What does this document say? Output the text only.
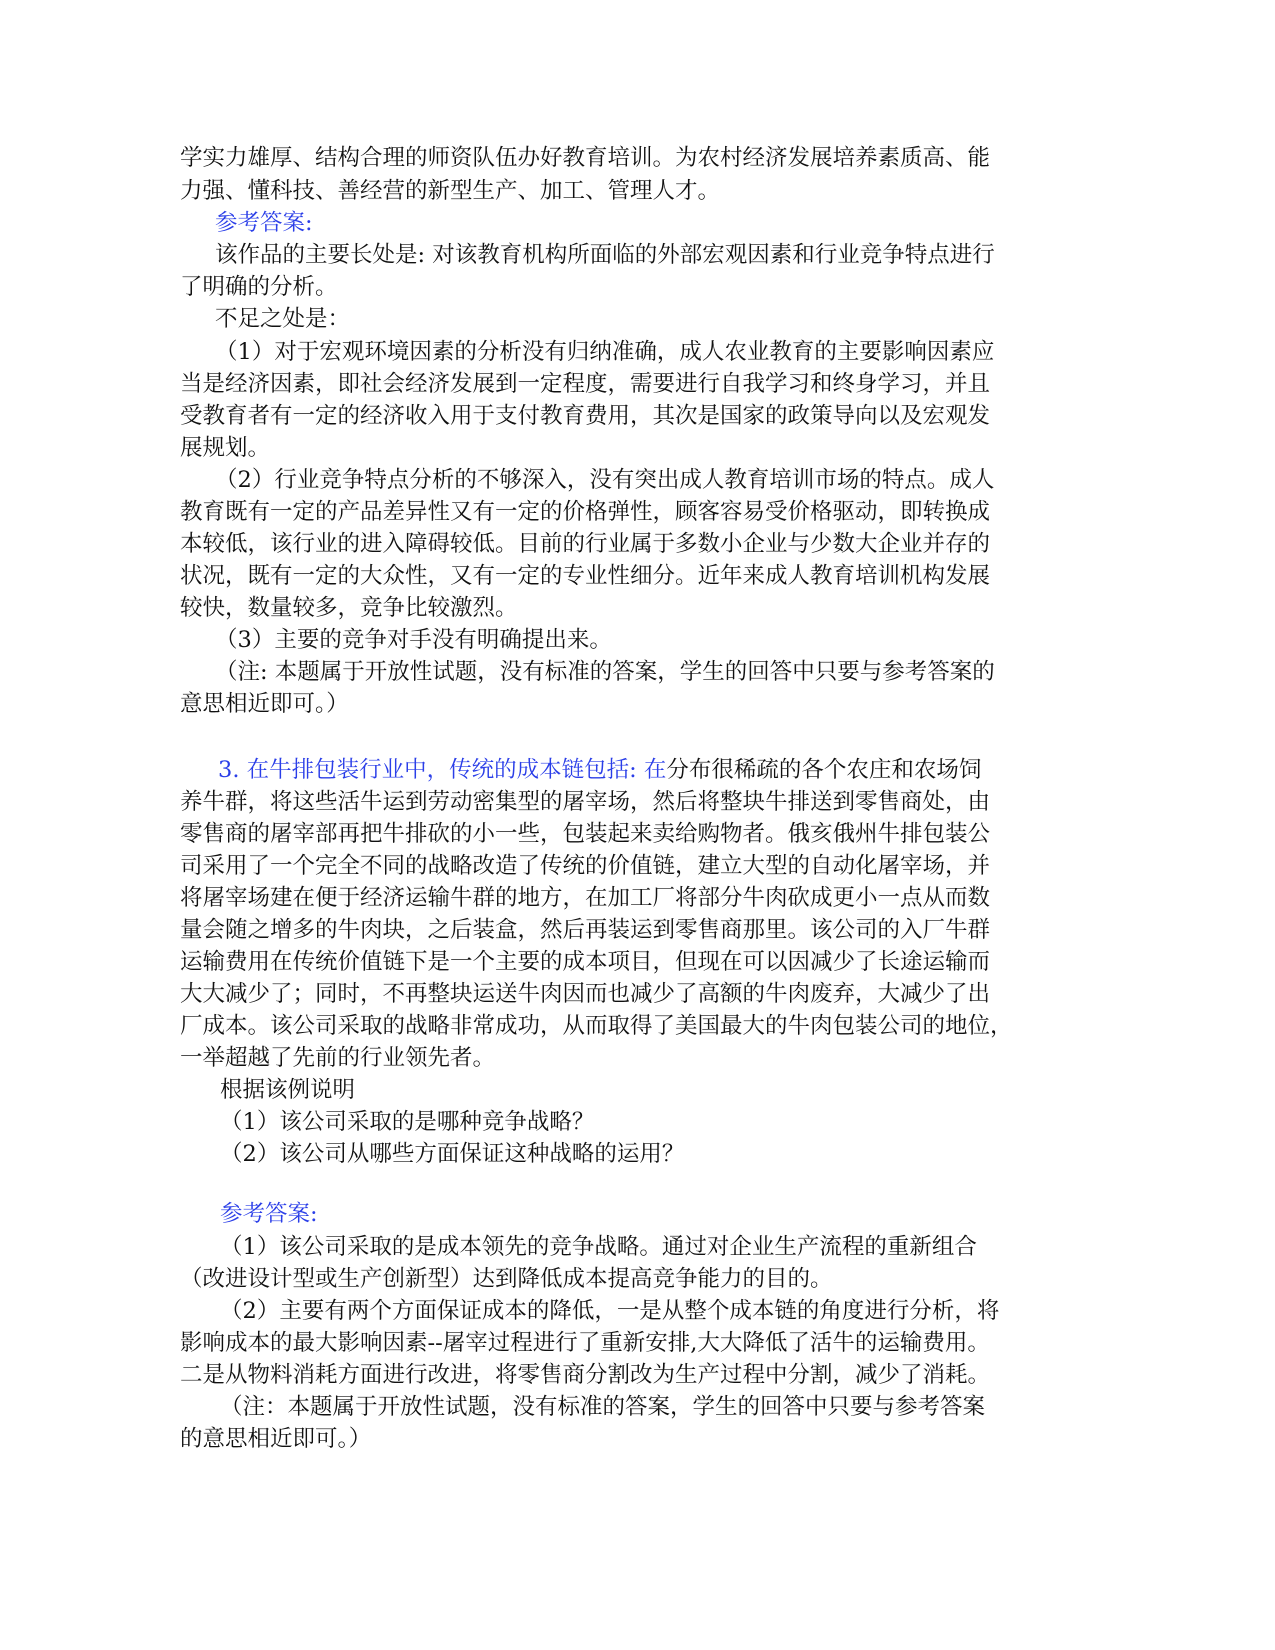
学实力雄厚、结构合理的师资队伍办好教育培训。为农村经济发展培养素质高、能
力强、懂科技、善经营的新型生产、加工、管理人才。
参考答案:
该作品的主要长处是: 对该教育机构所面临的外部宏观因素和行业竞争特点进行
了明确的分析。
不足之处是：
（1）对于宏观环境因素的分析没有归纳准确，成人农业教育的主要影响因素应
当是经济因素，即社会经济发展到一定程度，需要进行自我学习和终身学习，并且
受教育者有一定的经济收入用于支付教育费用，其次是国家的政策导向以及宏观发
展规划。
（2）行业竞争特点分析的不够深入，没有突出成人教育培训市场的特点。成人
教育既有一定的产品差异性又有一定的价格弹性，顾客容易受价格驱动，即转换成
本较低，该行业的进入障碍较低。目前的行业属于多数小企业与少数大企业并存的
状况，既有一定的大众性，又有一定的专业性细分。近年来成人教育培训机构发展
较快，数量较多，竞争比较激烈。
（3）主要的竞争对手没有明确提出来。
（注: 本题属于开放性试题，没有标准的答案，学生的回答中只要与参考答案的
意思相近即可。）
3. 在牛排包装行业中，传统的成本链包括: 在分布很稀疏的各个农庄和农场饲
养牛群，将这些活牛运到劳动密集型的屠宰场，然后将整块牛排送到零售商处，由
零售商的屠宰部再把牛排砍的小一些，包装起来卖给购物者。俄亥俄州牛排包装公
司采用了一个完全不同的战略改造了传统的价值链，建立大型的自动化屠宰场，并
将屠宰场建在便于经济运输牛群的地方，在加工厂将部分牛肉砍成更小一点从而数
量会随之增多的牛肉块，之后装盒，然后再装运到零售商那里。该公司的入厂牛群
运输费用在传统价值链下是一个主要的成本项目，但现在可以因减少了长途运输而
大大减少了；同时，不再整块运送牛肉因而也减少了高额的牛肉废弃，大减少了出
厂成本。该公司采取的战略非常成功，从而取得了美国最大的牛肉包装公司的地位，
一举超越了先前的行业领先者。
根据该例说明
（1）该公司采取的是哪种竞争战略？
（2）该公司从哪些方面保证这种战略的运用？
参考答案:
（1）该公司采取的是成本领先的竞争战略。通过对企业生产流程的重新组合
（改进设计型或生产创新型）达到降低成本提高竞争能力的目的。
（2）主要有两个方面保证成本的降低，一是从整个成本链的角度进行分析，将
影响成本的最大影响因素--屠宰过程进行了重新安排,大大降低了活牛的运输费用。
二是从物料消耗方面进行改进，将零售商分割改为生产过程中分割，减少了消耗。
（注：本题属于开放性试题，没有标准的答案，学生的回答中只要与参考答案
的意思相近即可。）
